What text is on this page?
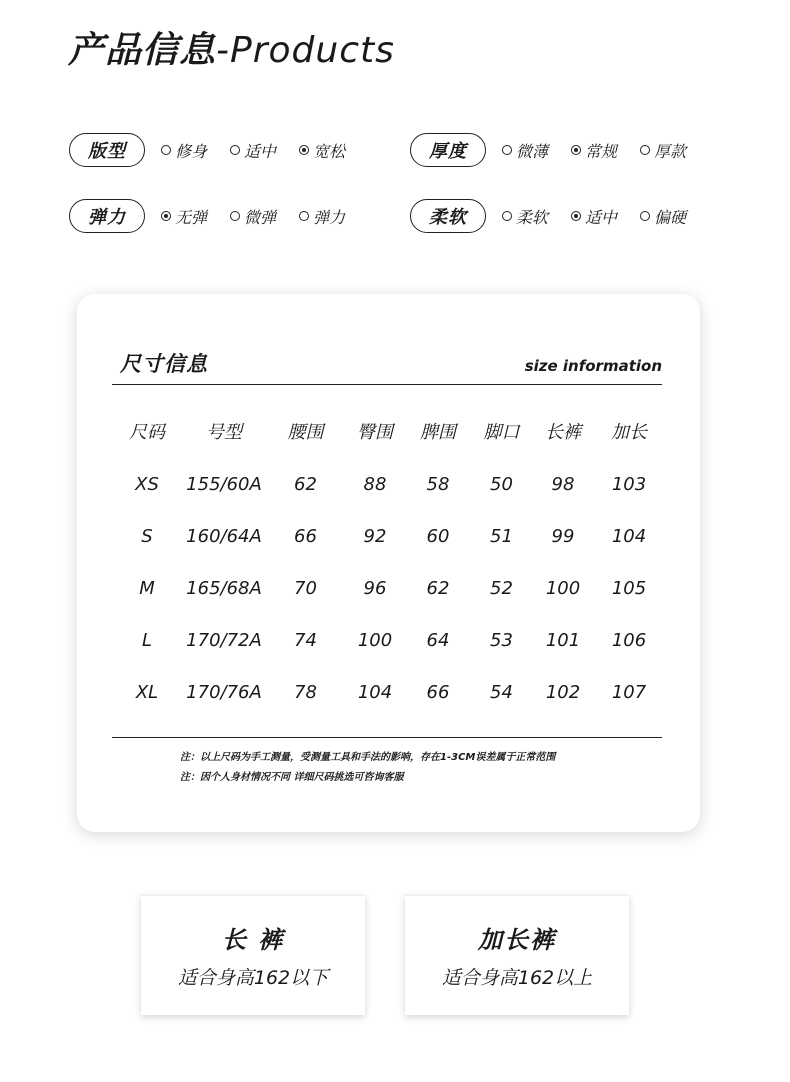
产品信息-Products
版型	修身 适中 宽松	厚度	微薄 常规 厚款
弹力	无弹 微弹 弹力	柔软	柔软 适中 偏硬
尺寸信息	size information
尺码	号型	腰围	臀围	脾围	脚口	长裤	加长
XS	155/60A	62	88	58	50	98	103
S	160/64A	66	92	60	51	99	104
M	165/68A	70	96	62	52	100	105
L	170/72A	74	100	64	53	101	106
XL	170/76A	78	104	66	54	102	107
注：以上尺码为手工测量，受测量工具和手法的影响，存在1-3CM误差属于正常范围
注：因个人身材情况不同 详细尺码挑选可咨询客服
长 裤
适合身高162以下
加长裤
适合身高162以上
